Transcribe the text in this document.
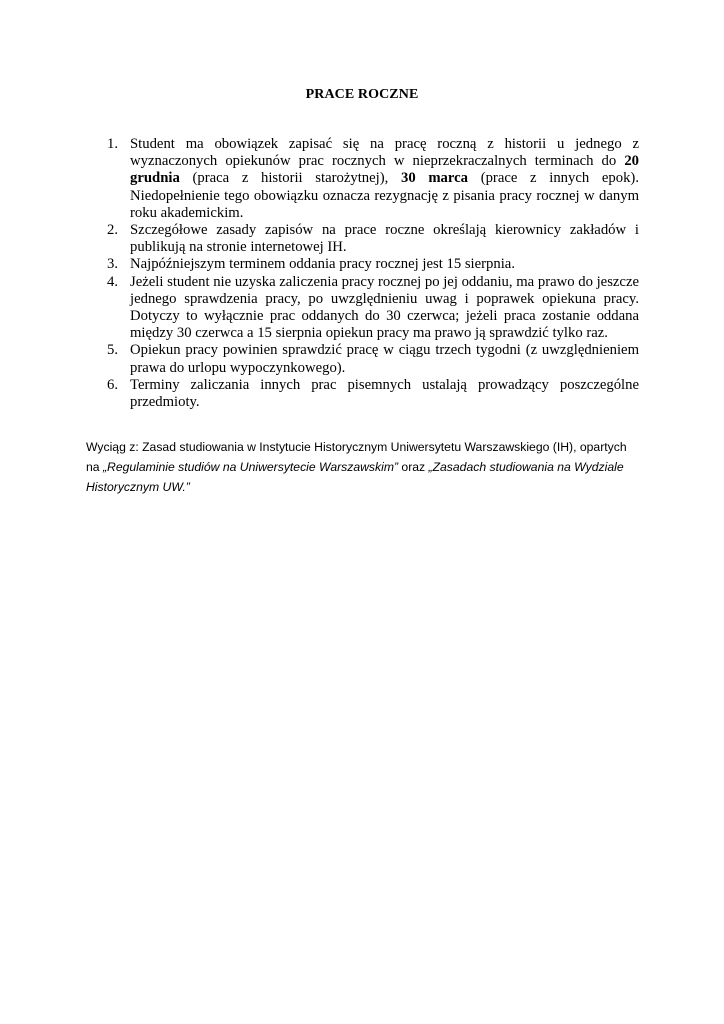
PRACE ROCZNE
1. Student ma obowiązek zapisać się na pracę roczną z historii u jednego z wyznaczonych opiekunów prac rocznych w nieprzekraczalnych terminach do 20 grudnia (praca z historii starożytnej), 30 marca (prace z innych epok). Niedopełnienie tego obowiązku oznacza rezygnację z pisania pracy rocznej w danym roku akademickim.
2. Szczegółowe zasady zapisów na prace roczne określają kierownicy zakładów i publikują na stronie internetowej IH.
3. Najpóźniejszym terminem oddania pracy rocznej jest 15 sierpnia.
4. Jeżeli student nie uzyska zaliczenia pracy rocznej po jej oddaniu, ma prawo do jeszcze jednego sprawdzenia pracy, po uwzględnieniu uwag i poprawek opiekuna pracy. Dotyczy to wyłącznie prac oddanych do 30 czerwca; jeżeli praca zostanie oddana między 30 czerwca a 15 sierpnia opiekun pracy ma prawo ją sprawdzić tylko raz.
5. Opiekun pracy powinien sprawdzić pracę w ciągu trzech tygodni (z uwzględnieniem prawa do urlopu wypoczynkowego).
6. Terminy zaliczania innych prac pisemnych ustalają prowadzący poszczególne przedmioty.

Wyciąg z: Zasad studiowania w Instytucie Historycznym Uniwersytetu Warszawskiego (IH), opartych na „Regulaminie studiów na Uniwersytecie Warszawskim” oraz „Zasadach studiowania na Wydziale Historycznym UW.”
